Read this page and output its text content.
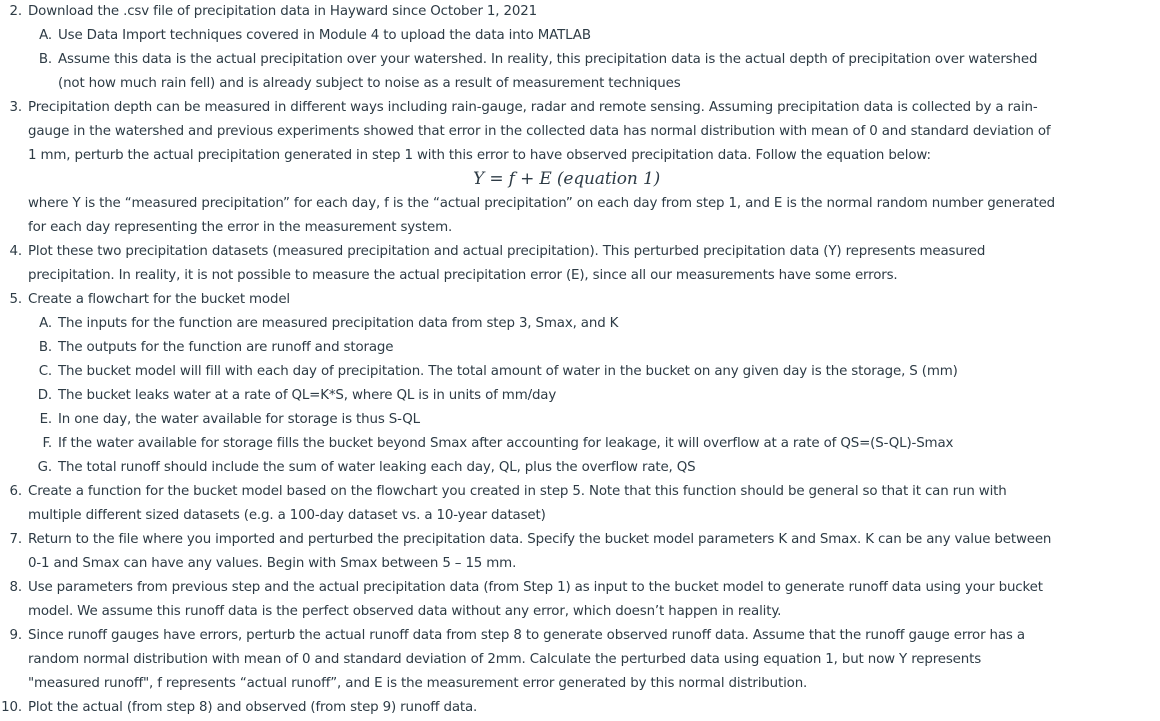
2. Download the .csv file of precipitation data in Hayward since October 1, 2021
A. Use Data Import techniques covered in Module 4 to upload the data into MATLAB
B. Assume this data is the actual precipitation over your watershed. In reality, this precipitation data is the actual depth of precipitation over watershed
(not how much rain fell) and is already subject to noise as a result of measurement techniques
3. Precipitation depth can be measured in different ways including rain-gauge, radar and remote sensing. Assuming precipitation data is collected by a rain-
gauge in the watershed and previous experiments showed that error in the collected data has normal distribution with mean of 0 and standard deviation of
1 mm, perturb the actual precipitation generated in step 1 with this error to have observed precipitation data. Follow the equation below:
Y = f + E (equation 1)
where Y is the “measured precipitation” for each day, f is the “actual precipitation” on each day from step 1, and E is the normal random number generated
for each day representing the error in the measurement system.
4. Plot these two precipitation datasets (measured precipitation and actual precipitation). This perturbed precipitation data (Y) represents measured
precipitation. In reality, it is not possible to measure the actual precipitation error (E), since all our measurements have some errors.
5. Create a flowchart for the bucket model
A. The inputs for the function are measured precipitation data from step 3, Smax, and K
B. The outputs for the function are runoff and storage
C. The bucket model will fill with each day of precipitation. The total amount of water in the bucket on any given day is the storage, S (mm)
D. The bucket leaks water at a rate of QL=K*S, where QL is in units of mm/day
E. In one day, the water available for storage is thus S-QL
F. If the water available for storage fills the bucket beyond Smax after accounting for leakage, it will overflow at a rate of QS=(S-QL)-Smax
G. The total runoff should include the sum of water leaking each day, QL, plus the overflow rate, QS
6. Create a function for the bucket model based on the flowchart you created in step 5. Note that this function should be general so that it can run with
multiple different sized datasets (e.g. a 100-day dataset vs. a 10-year dataset)
7. Return to the file where you imported and perturbed the precipitation data. Specify the bucket model parameters K and Smax. K can be any value between
0-1 and Smax can have any values. Begin with Smax between 5 – 15 mm.
8. Use parameters from previous step and the actual precipitation data (from Step 1) as input to the bucket model to generate runoff data using your bucket
model. We assume this runoff data is the perfect observed data without any error, which doesn’t happen in reality.
9. Since runoff gauges have errors, perturb the actual runoff data from step 8 to generate observed runoff data. Assume that the runoff gauge error has a
random normal distribution with mean of 0 and standard deviation of 2mm. Calculate the perturbed data using equation 1, but now Y represents
"measured runoff", f represents “actual runoff”, and E is the measurement error generated by this normal distribution.
10. Plot the actual (from step 8) and observed (from step 9) runoff data.
